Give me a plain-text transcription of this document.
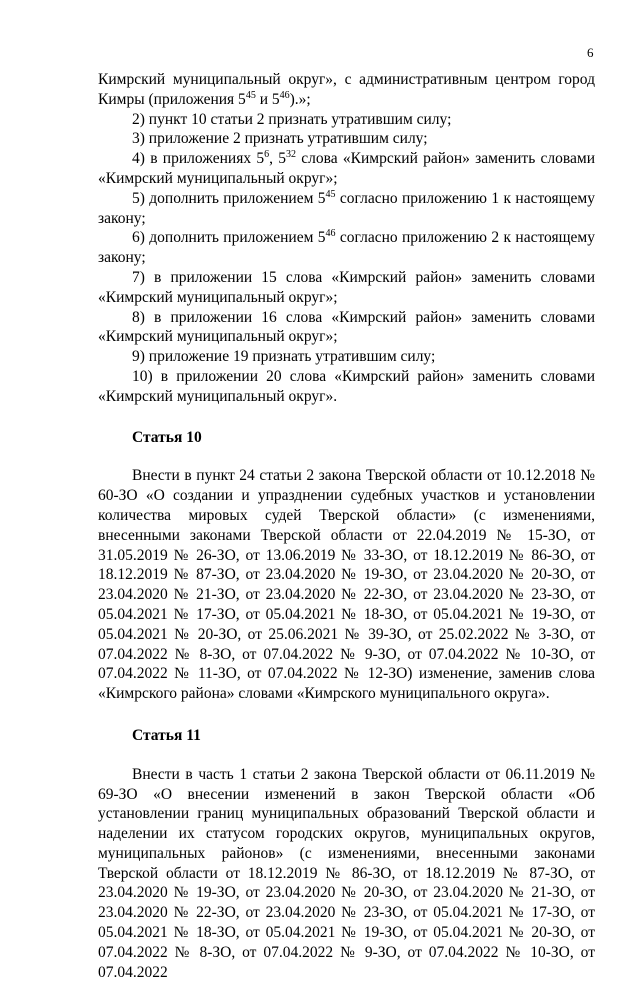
6

Кимрский муниципальный округ», с административным центром город Кимры (приложения $5^{45}$ и $5^{46}$).»;

2) пункт 10 статьи 2 признать утратившим силу;

3) приложение 2 признать утратившим силу;

4) в приложениях $5^6$, $5^{32}$ слова «Кимрский район» заменить словами «Кимрский муниципальный округ»;

5) дополнить приложением $5^{45}$ согласно приложению 1 к настоящему закону;

6) дополнить приложением $5^{46}$ согласно приложению 2 к настоящему закону;

7) в приложении 15 слова «Кимрский район» заменить словами «Кимрский муниципальный округ»;

8) в приложении 16 слова «Кимрский район» заменить словами «Кимрский муниципальный округ»;

9) приложение 19 признать утратившим силу;

10) в приложении 20 слова «Кимрский район» заменить словами «Кимрский муниципальный округ».

Статья 10

Внести в пункт 24 статьи 2 закона Тверской области от 10.12.2018 № 60-ЗО «О создании и упразднении судебных участков и установлении количества мировых судей Тверской области» (с изменениями, внесенными законами Тверской области от 22.04.2019 № 15-ЗО, от 31.05.2019 № 26-ЗО, от 13.06.2019 № 33-ЗО, от 18.12.2019 № 86-ЗО, от 18.12.2019 № 87-ЗО, от 23.04.2020 № 19-ЗО, от 23.04.2020 № 20-ЗО, от 23.04.2020 № 21-ЗО, от 23.04.2020 № 22-ЗО, от 23.04.2020 № 23-ЗО, от 05.04.2021 № 17-ЗО, от 05.04.2021 № 18-ЗО, от 05.04.2021 № 19-ЗО, от 05.04.2021 № 20-ЗО, от 25.06.2021 № 39-ЗО, от 25.02.2022 № 3-ЗО, от 07.04.2022 № 8-ЗО, от 07.04.2022 № 9-ЗО, от 07.04.2022 № 10-ЗО, от 07.04.2022 № 11-ЗО, от 07.04.2022 № 12-ЗО) изменение, заменив слова «Кимрского района» словами «Кимрского муниципального округа».

Статья 11

Внести в часть 1 статьи 2 закона Тверской области от 06.11.2019 № 69-ЗО «О внесении изменений в закон Тверской области «Об установлении границ муниципальных образований Тверской области и наделении их статусом городских округов, муниципальных округов, муниципальных районов» (с изменениями, внесенными законами Тверской области от 18.12.2019 № 86-ЗО, от 18.12.2019 № 87-ЗО, от 23.04.2020 № 19-ЗО, от 23.04.2020 № 20-ЗО, от 23.04.2020 № 21-ЗО, от 23.04.2020 № 22-ЗО, от 23.04.2020 № 23-ЗО, от 05.04.2021 № 17-ЗО, от 05.04.2021 № 18-ЗО, от 05.04.2021 № 19-ЗО, от 05.04.2021 № 20-ЗО, от 07.04.2022 № 8-ЗО, от 07.04.2022 № 9-ЗО, от 07.04.2022 № 10-ЗО, от 07.04.2022
